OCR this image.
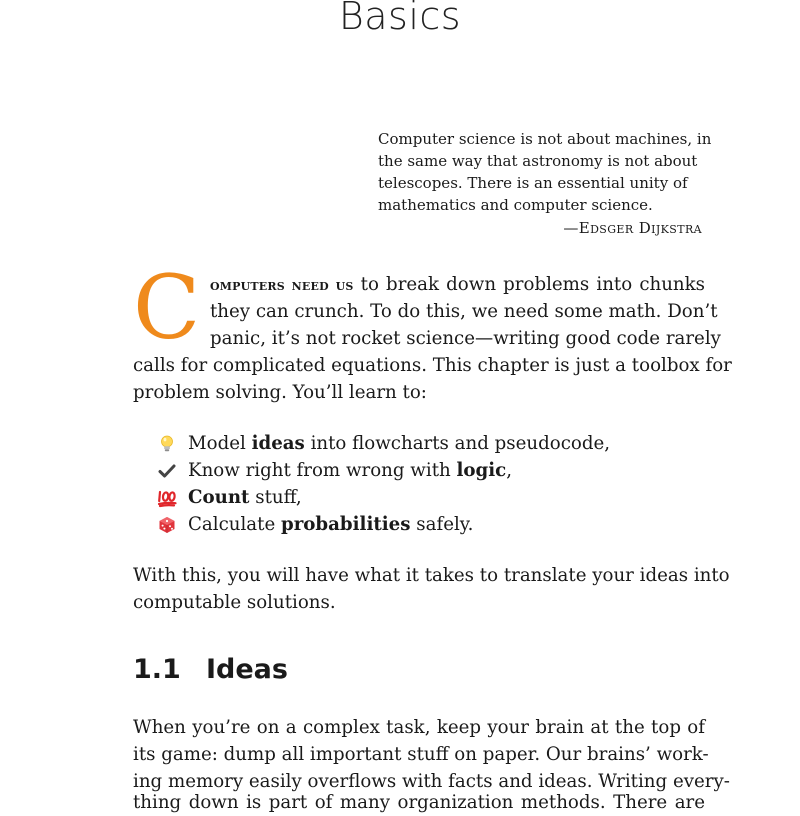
Basics
Computer science is not about machines, in
the same way that astronomy is not about
telescopes. There is an essential unity of
mathematics and computer science.
—Edsger Dijkstra
C omputers need us to break down problems into chunks
they can crunch. To do this, we need some math. Don’t
panic, it’s not rocket science—writing good code rarely
calls for complicated equations. This chapter is just a toolbox for
problem solving. You’ll learn to:
Model ideas into flowcharts and pseudocode,
Know right from wrong with logic,
Count stuff,
Calculate probabilities safely.
With this, you will have what it takes to translate your ideas into
computable solutions.
1.1 Ideas
When you’re on a complex task, keep your brain at the top of
its game: dump all important stuff on paper. Our brains’ work-
ing memory easily overflows with facts and ideas. Writing every-
thing down is part of many organization methods. There are
